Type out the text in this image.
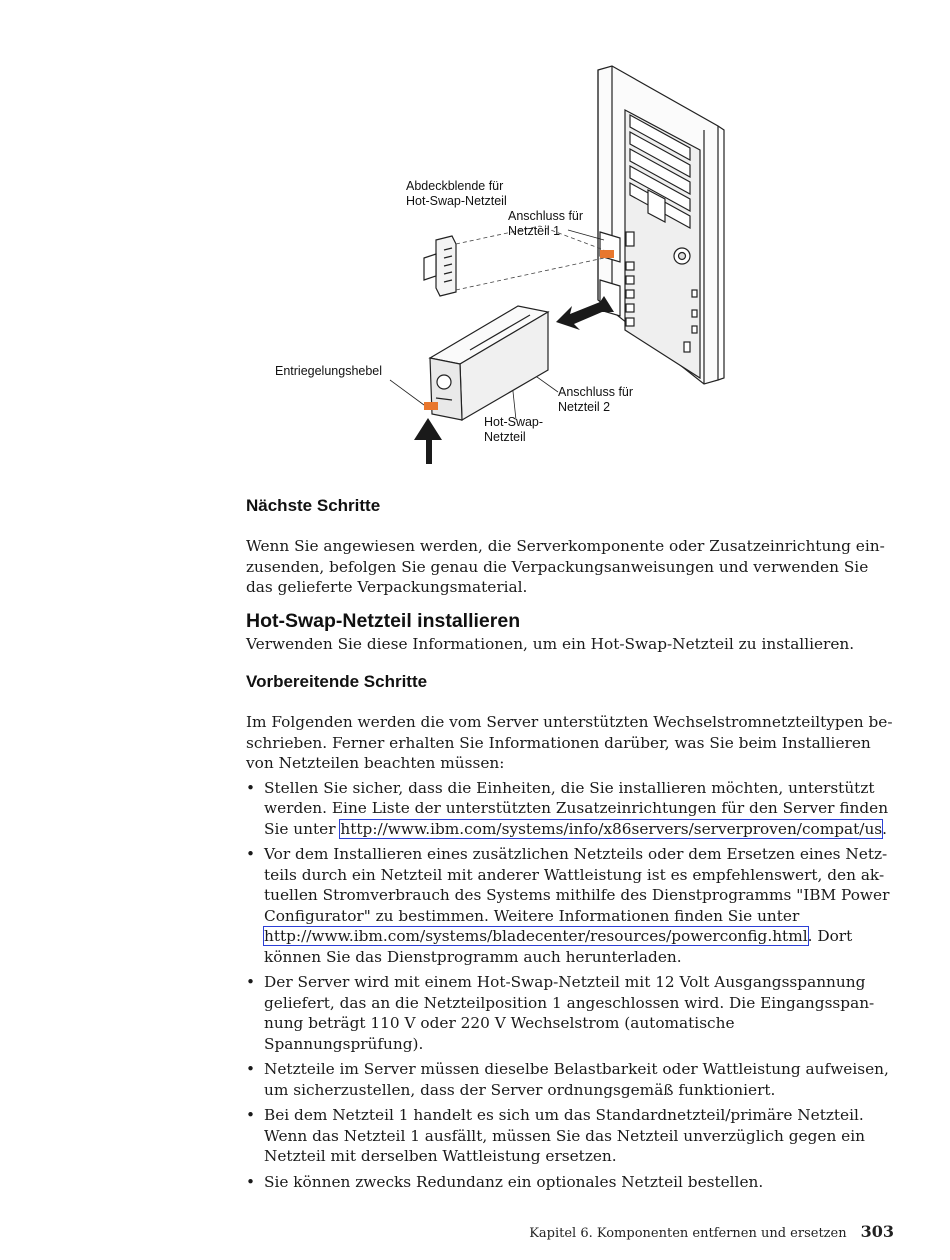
Abdeckblende für
Hot-Swap-Netzteil
Anschluss für
Netzteil 1
Entriegelungshebel
Anschluss für
Netzteil 2
Hot-Swap-
Netzteil
Nächste Schritte

Wenn Sie angewiesen werden, die Serverkomponente oder Zusatzeinrichtung ein-zusenden, befolgen Sie genau die Verpackungsanweisungen und verwenden Sie das gelieferte Verpackungsmaterial.

Hot-Swap-Netzteil installieren

Verwenden Sie diese Informationen, um ein Hot-Swap-Netzteil zu installieren.

Vorbereitende Schritte

Im Folgenden werden die vom Server unterstützten Wechselstromnetzteiltypen be-schrieben. Ferner erhalten Sie Informationen darüber, was Sie beim Installieren von Netzteilen beachten müssen:

• Stellen Sie sicher, dass die Einheiten, die Sie installieren möchten, unterstützt werden. Eine Liste der unterstützten Zusatzeinrichtungen für den Server finden Sie unter http://www.ibm.com/systems/info/x86servers/serverproven/compat/us.
• Vor dem Installieren eines zusätzlichen Netzteils oder dem Ersetzen eines Netz-teils durch ein Netzteil mit anderer Wattleistung ist es empfehlenswert, den ak-tuellen Stromverbrauch des Systems mithilfe des Dienstprogramms "IBM Power Configurator" zu bestimmen. Weitere Informationen finden Sie unter http://www.ibm.com/systems/bladecenter/resources/powerconfig.html. Dort können Sie das Dienstprogramm auch herunterladen.
• Der Server wird mit einem Hot-Swap-Netzteil mit 12 Volt Ausgangsspannung geliefert, das an die Netzteilposition 1 angeschlossen wird. Die Eingangsspan-nung beträgt 110 V oder 220 V Wechselstrom (automatische Spannungsprüfung).
• Netzteile im Server müssen dieselbe Belastbarkeit oder Wattleistung aufweisen, um sicherzustellen, dass der Server ordnungsgemäß funktioniert.
• Bei dem Netzteil 1 handelt es sich um das Standardnetzteil/primäre Netzteil. Wenn das Netzteil 1 ausfällt, müssen Sie das Netzteil unverzüglich gegen ein Netzteil mit derselben Wattleistung ersetzen.
• Sie können zwecks Redundanz ein optionales Netzteil bestellen.
Kapitel 6. Komponenten entfernen und ersetzen 303
